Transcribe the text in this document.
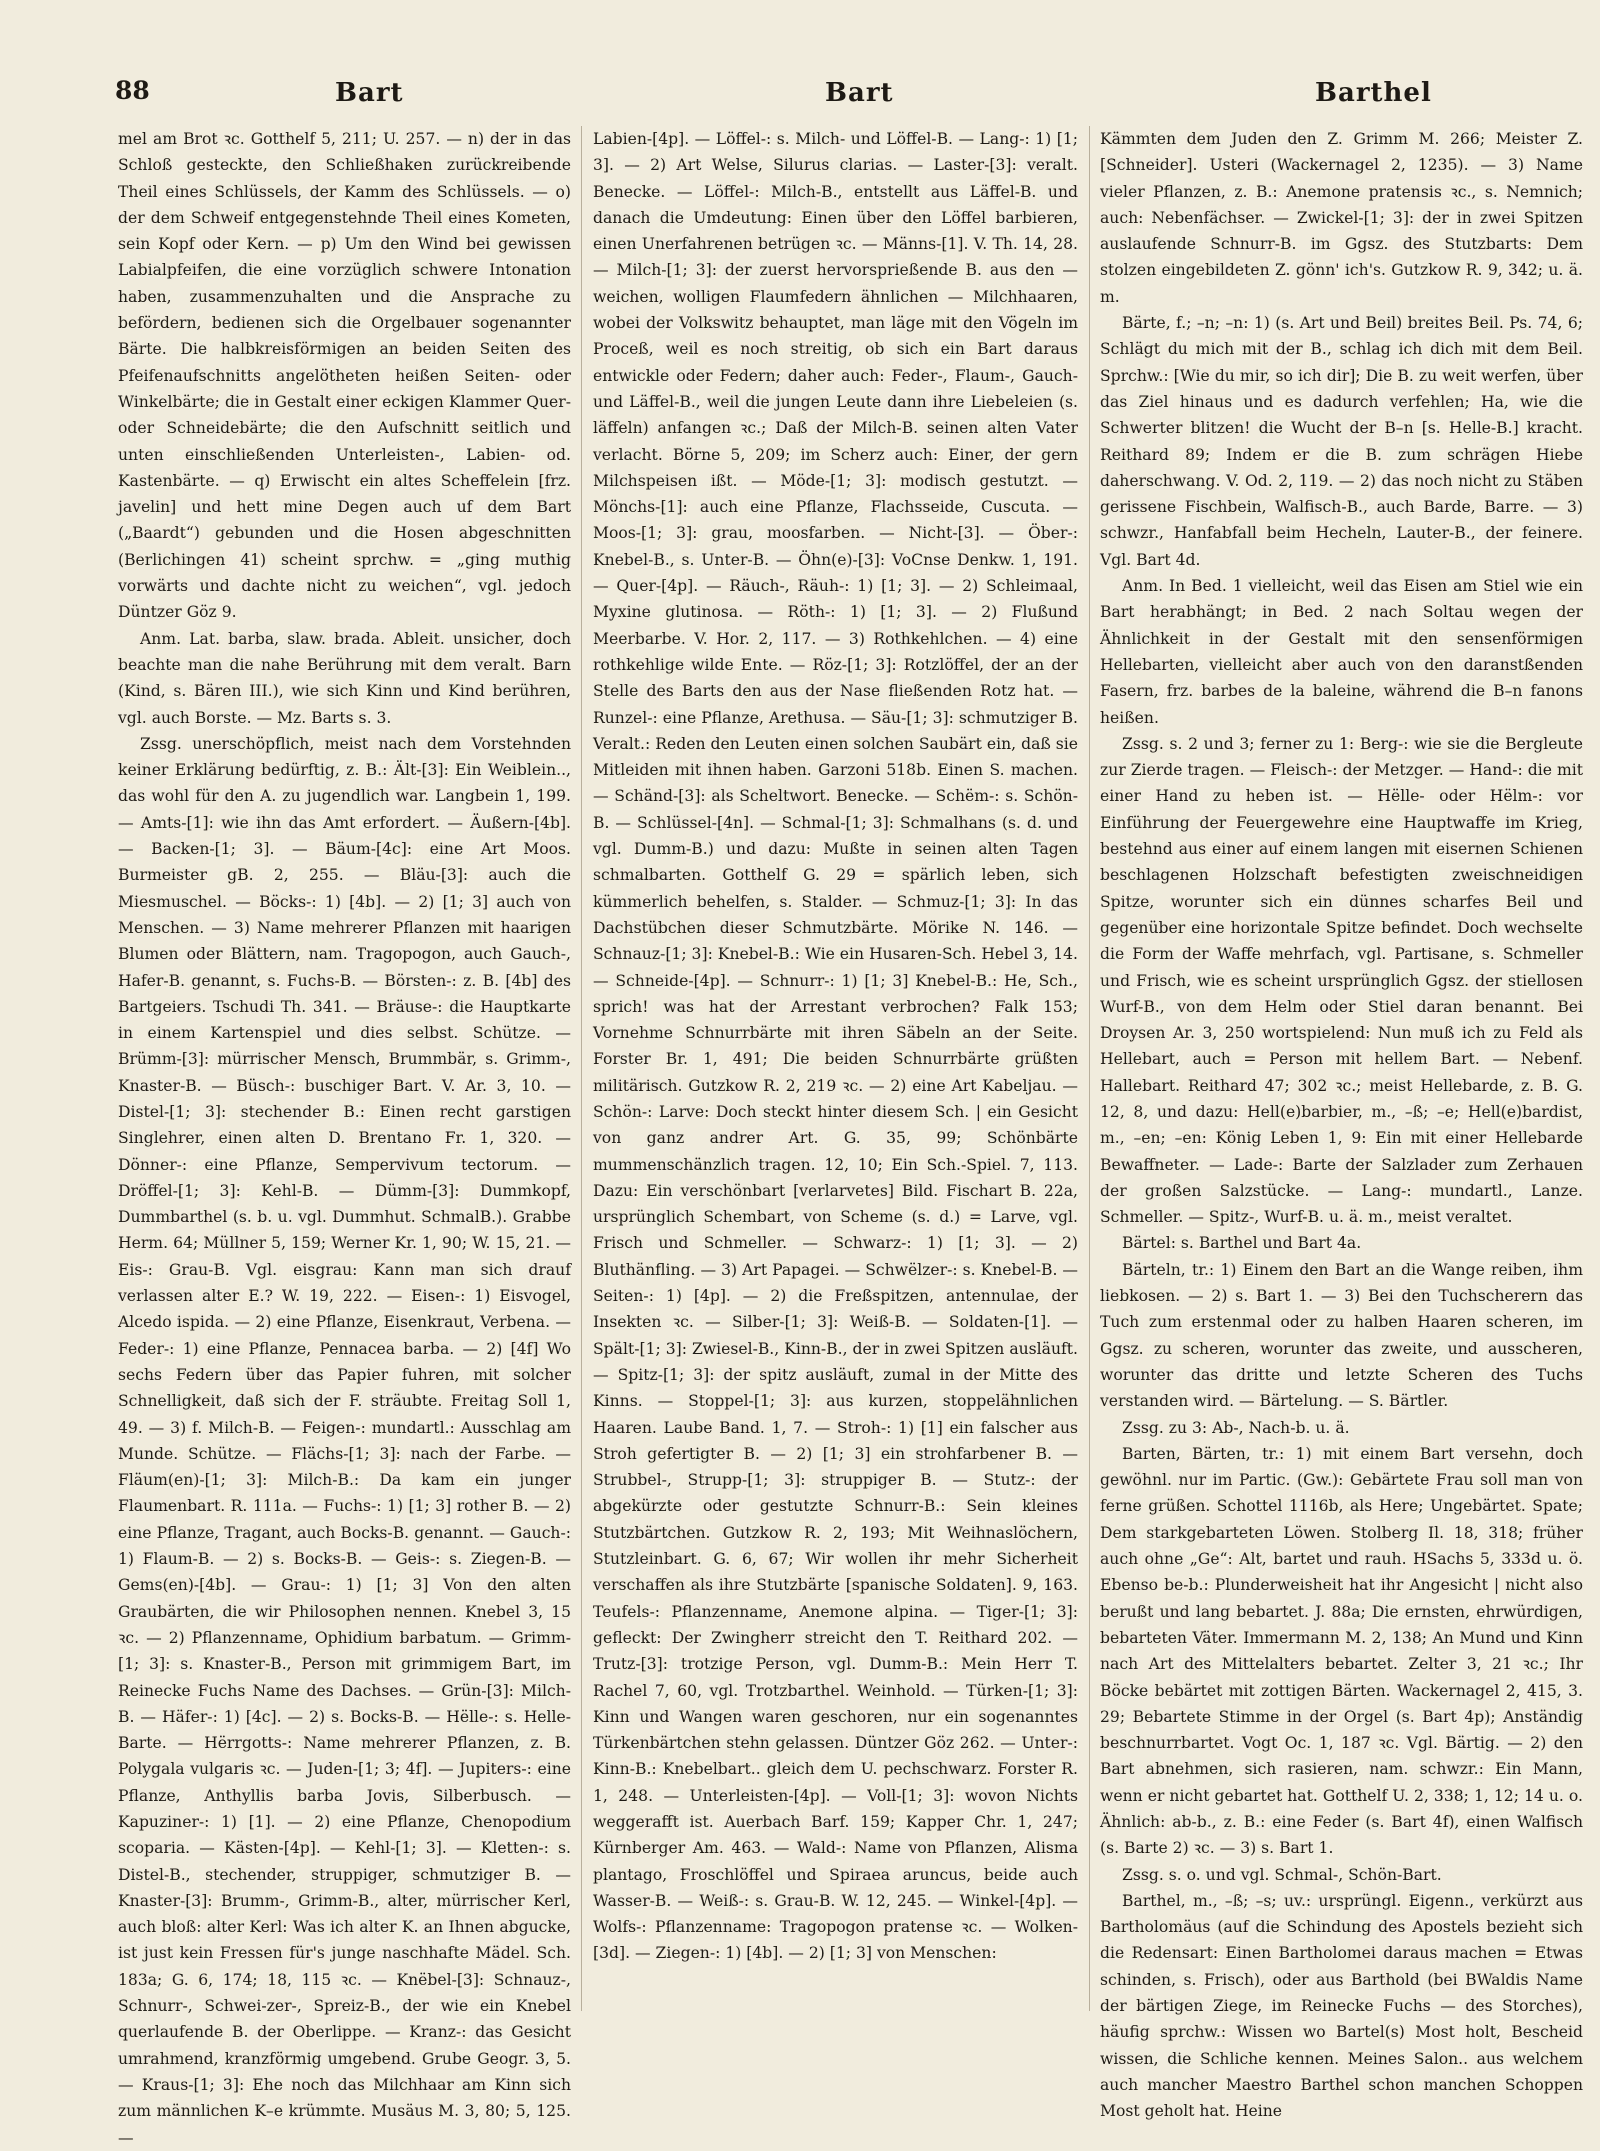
88	Bart	Bart	Barthel

mel am Brot ꝛc. Gotthelf 5, 211; U. 257. — n) der in das Schloß gesteckte, den Schließhaken zurückreibende Theil eines Schlüssels, der Kamm des Schlüssels. — o) der dem Schweif entgegenstehnde Theil eines Kometen, sein Kopf oder Kern. — p) Um den Wind bei gewissen Labialpfeifen, die eine vorzüglich schwere Intonation haben, zusammenzuhalten und die Ansprache zu befördern, bedienen sich die Orgelbauer sogenannter Bärte. Die halbkreisförmigen an beiden Seiten des Pfeifenaufschnitts angelötheten heißen Seiten- oder Winkelbärte; die in Gestalt einer eckigen Klammer Quer- oder Schneidebärte; die den Aufschnitt seitlich und unten einschließenden Unterleisten-, Labien- od. Kastenbärte. — q) Erwischt ein altes Scheffelein [frz. javelin] und hett mine Degen auch uf dem Bart („Baardt“) gebunden und die Hosen abgeschnitten (Berlichingen 41) scheint sprchw. = „ging muthig vorwärts und dachte nicht zu weichen“, vgl. jedoch Düntzer Göz 9.

Anm. Lat. barba, slaw. brada. Ableit. unsicher, doch beachte man die nahe Berührung mit dem veralt. Barn (Kind, s. Bären III.), wie sich Kinn und Kind berühren, vgl. auch Borste. — Mz. Barts s. 3.

Zssg. unerschöpflich, meist nach dem Vorstehnden keiner Erklärung bedürftig, z. B.: Ält-[3]: Ein Weiblein.., das wohl für den A. zu jugendlich war. Langbein 1, 199. — Amts-[1]: wie ihn das Amt erfordert. — Äußern-[4b]. — Backen-[1; 3]. — Bäum-[4c]: eine Art Moos. Burmeister gB. 2, 255. — Bläu-[3]: auch die Miesmuschel. — Böcks-: 1) [4b]. — 2) [1; 3] auch von Menschen. — 3) Name mehrerer Pflanzen mit haarigen Blumen oder Blättern, nam. Tragopogon, auch Gauch-, Hafer-B. genannt, s. Fuchs-B. — Börsten-: z. B. [4b] des Bartgeiers. Tschudi Th. 341. — Bräuse-: die Hauptkarte in einem Kartenspiel und dies selbst. Schütze. — Brümm-[3]: mürrischer Mensch, Brummbär, s. Grimm-, Knaster-B. — Büsch-: buschiger Bart. V. Ar. 3, 10. — Distel-[1; 3]: stechender B.: Einen recht garstigen Singlehrer, einen alten D. Brentano Fr. 1, 320. — Dönner-: eine Pflanze, Sempervivum tectorum. — Dröffel-[1; 3]: Kehl-B. — Dümm-[3]: Dummkopf, Dummbarthel (s. b. u. vgl. Dummhut. SchmalB.). Grabbe Herm. 64; Müllner 5, 159; Werner Kr. 1, 90; W. 15, 21. — Eis-: Grau-B. Vgl. eisgrau: Kann man sich drauf verlassen alter E.? W. 19, 222. — Eisen-: 1) Eisvogel, Alcedo ispida. — 2) eine Pflanze, Eisenkraut, Verbena. — Feder-: 1) eine Pflanze, Pennacea barba. — 2) [4f] Wo sechs Federn über das Papier fuhren, mit solcher Schnelligkeit, daß sich der F. sträubte. Freitag Soll 1, 49. — 3) f. Milch-B. — Feigen-: mundartl.: Ausschlag am Munde. Schütze. — Flächs-[1; 3]: nach der Farbe. — Fläum(en)-[1; 3]: Milch-B.: Da kam ein junger Flaumenbart. R. 111a. — Fuchs-: 1) [1; 3] rother B. — 2) eine Pflanze, Tragant, auch Bocks-B. genannt. — Gauch-: 1) Flaum-B. — 2) s. Bocks-B. — Geis-: s. Ziegen-B. — Gems(en)-[4b]. — Grau-: 1) [1; 3] Von den alten Graubärten, die wir Philosophen nennen. Knebel 3, 15 ꝛc. — 2) Pflanzenname, Ophidium barbatum. — Grimm-[1; 3]: s. Knaster-B., Person mit grimmigem Bart, im Reinecke Fuchs Name des Dachses. — Grün-[3]: Milch-B. — Häfer-: 1) [4c]. — 2) s. Bocks-B. — Hëlle-: s. Helle-Barte. — Hërrgotts-: Name mehrerer Pflanzen, z. B. Polygala vulgaris ꝛc. — Juden-[1; 3; 4f]. — Jupiters-: eine Pflanze, Anthyllis barba Jovis, Silberbusch. — Kapuziner-: 1) [1]. — 2) eine Pflanze, Chenopodium scoparia. — Kästen-[4p]. — Kehl-[1; 3]. — Kletten-: s. Distel-B., stechender, struppiger, schmutziger B. — Knaster-[3]: Brumm-, Grimm-B., alter, mürrischer Kerl, auch bloß: alter Kerl: Was ich alter K. an Ihnen abgucke, ist just kein Fressen für's junge naschhafte Mädel. Sch. 183a; G. 6, 174; 18, 115 ꝛc. — Knëbel-[3]: Schnauz-, Schnurr-, Schwei-zer-, Spreiz-B., der wie ein Knebel querlaufende B. der Oberlippe. — Kranz-: das Gesicht umrahmend, kranzförmig umgebend. Grube Geogr. 3, 5. — Kraus-[1; 3]: Ehe noch das Milchhaar am Kinn sich zum männlichen K–e krümmte. Musäus M. 3, 80; 5, 125. —

Labien-[4p]. — Löffel-: s. Milch- und Löffel-B. — Lang-: 1) [1; 3]. — 2) Art Welse, Silurus clarias. — Laster-[3]: veralt. Benecke. — Löffel-: Milch-B., entstellt aus Läffel-B. und danach die Umdeutung: Einen über den Löffel barbieren, einen Unerfahrenen betrügen ꝛc. — Männs-[1]. V. Th. 14, 28. — Milch-[1; 3]: der zuerst hervorsprießende B. aus den — weichen, wolligen Flaumfedern ähnlichen — Milchhaaren, wobei der Volkswitz behauptet, man läge mit den Vögeln im Proceß, weil es noch streitig, ob sich ein Bart daraus entwickle oder Federn; daher auch: Feder-, Flaum-, Gauch- und Läffel-B., weil die jungen Leute dann ihre Liebeleien (s. läffeln) anfangen ꝛc.; Daß der Milch-B. seinen alten Vater verlacht. Börne 5, 209; im Scherz auch: Einer, der gern Milchspeisen ißt. — Möde-[1; 3]: modisch gestutzt. — Mönchs-[1]: auch eine Pflanze, Flachsseide, Cuscuta. — Moos-[1; 3]: grau, moosfarben. — Nicht-[3]. — Öber-: Knebel-B., s. Unter-B. — Öhn(e)-[3]: VoCnse Denkw. 1, 191. — Quer-[4p]. — Räuch-, Räuh-: 1) [1; 3]. — 2) Schleimaal, Myxine glutinosa. — Röth-: 1) [1; 3]. — 2) Flußund Meerbarbe. V. Hor. 2, 117. — 3) Rothkehlchen. — 4) eine rothkehlige wilde Ente. — Röz-[1; 3]: Rotzlöffel, der an der Stelle des Barts den aus der Nase fließenden Rotz hat. — Runzel-: eine Pflanze, Arethusa. — Säu-[1; 3]: schmutziger B. Veralt.: Reden den Leuten einen solchen Saubärt ein, daß sie Mitleiden mit ihnen haben. Garzoni 518b. Einen S. machen. — Schänd-[3]: als Scheltwort. Benecke. — Schëm-: s. Schön-B. — Schlüssel-[4n]. — Schmal-[1; 3]: Schmalhans (s. d. und vgl. Dumm-B.) und dazu: Mußte in seinen alten Tagen schmalbarten. Gotthelf G. 29 = spärlich leben, sich kümmerlich behelfen, s. Stalder. — Schmuz-[1; 3]: In das Dachstübchen dieser Schmutzbärte. Mörike N. 146. — Schnauz-[1; 3]: Knebel-B.: Wie ein Husaren-Sch. Hebel 3, 14. — Schneide-[4p]. — Schnurr-: 1) [1; 3] Knebel-B.: He, Sch., sprich! was hat der Arrestant verbrochen? Falk 153; Vornehme Schnurrbärte mit ihren Säbeln an der Seite. Forster Br. 1, 491; Die beiden Schnurrbärte grüßten militärisch. Gutzkow R. 2, 219 ꝛc. — 2) eine Art Kabeljau. — Schön-: Larve: Doch steckt hinter diesem Sch. | ein Gesicht von ganz andrer Art. G. 35, 99; Schönbärte mummenschänzlich tragen. 12, 10; Ein Sch.-Spiel. 7, 113. Dazu: Ein verschönbart [verlarvetes] Bild. Fischart B. 22a, ursprünglich Schembart, von Scheme (s. d.) = Larve, vgl. Frisch und Schmeller. — Schwarz-: 1) [1; 3]. — 2) Bluthänfling. — 3) Art Papagei. — Schwëlzer-: s. Knebel-B. — Seiten-: 1) [4p]. — 2) die Freßspitzen, antennulae, der Insekten ꝛc. — Silber-[1; 3]: Weiß-B. — Soldaten-[1]. — Spält-[1; 3]: Zwiesel-B., Kinn-B., der in zwei Spitzen ausläuft. — Spitz-[1; 3]: der spitz ausläuft, zumal in der Mitte des Kinns. — Stoppel-[1; 3]: aus kurzen, stoppelähnlichen Haaren. Laube Band. 1, 7. — Stroh-: 1) [1] ein falscher aus Stroh gefertigter B. — 2) [1; 3] ein strohfarbener B. — Strubbel-, Strupp-[1; 3]: struppiger B. — Stutz-: der abgekürzte oder gestutzte Schnurr-B.: Sein kleines Stutzbärtchen. Gutzkow R. 2, 193; Mit Weihnaslöchern, Stutzleinbart. G. 6, 67; Wir wollen ihr mehr Sicherheit verschaffen als ihre Stutzbärte [spanische Soldaten]. 9, 163. Teufels-: Pflanzenname, Anemone alpina. — Tiger-[1; 3]: gefleckt: Der Zwingherr streicht den T. Reithard 202. — Trutz-[3]: trotzige Person, vgl. Dumm-B.: Mein Herr T. Rachel 7, 60, vgl. Trotzbarthel. Weinhold. — Türken-[1; 3]: Kinn und Wangen waren geschoren, nur ein sogenanntes Türkenbärtchen stehn gelassen. Düntzer Göz 262. — Unter-: Kinn-B.: Knebelbart.. gleich dem U. pechschwarz. Forster R. 1, 248. — Unterleisten-[4p]. — Voll-[1; 3]: wovon Nichts weggerafft ist. Auerbach Barf. 159; Kapper Chr. 1, 247; Kürnberger Am. 463. — Wald-: Name von Pflanzen, Alisma plantago, Froschlöffel und Spiraea aruncus, beide auch Wasser-B. — Weiß-: s. Grau-B. W. 12, 245. — Winkel-[4p]. — Wolfs-: Pflanzenname: Tragopogon pratense ꝛc. — Wolken-[3d]. — Ziegen-: 1) [4b]. — 2) [1; 3] von Menschen:

Kämmten dem Juden den Z. Grimm M. 266; Meister Z. [Schneider]. Usteri (Wackernagel 2, 1235). — 3) Name vieler Pflanzen, z. B.: Anemone pratensis ꝛc., s. Nemnich; auch: Nebenfächser. — Zwickel-[1; 3]: der in zwei Spitzen auslaufende Schnurr-B. im Ggsz. des Stutzbarts: Dem stolzen eingebildeten Z. gönn' ich's. Gutzkow R. 9, 342; u. ä. m.

Bärte, f.; –n; –n: 1) (s. Art und Beil) breites Beil. Ps. 74, 6; Schlägt du mich mit der B., schlag ich dich mit dem Beil. Sprchw.: [Wie du mir, so ich dir]; Die B. zu weit werfen, über das Ziel hinaus und es dadurch verfehlen; Ha, wie die Schwerter blitzen! die Wucht der B–n [s. Helle-B.] kracht. Reithard 89; Indem er die B. zum schrägen Hiebe daherschwang. V. Od. 2, 119. — 2) das noch nicht zu Stäben gerissene Fischbein, Walfisch-B., auch Barde, Barre. — 3) schwzr., Hanfabfall beim Hecheln, Lauter-B., der feinere. Vgl. Bart 4d.

Anm. In Bed. 1 vielleicht, weil das Eisen am Stiel wie ein Bart herabhängt; in Bed. 2 nach Soltau wegen der Ähnlichkeit in der Gestalt mit den sensenförmigen Hellebarten, vielleicht aber auch von den daranstßenden Fasern, frz. barbes de la baleine, während die B–n fanons heißen.

Zssg. s. 2 und 3; ferner zu 1: Berg-: wie sie die Bergleute zur Zierde tragen. — Fleisch-: der Metzger. — Hand-: die mit einer Hand zu heben ist. — Hëlle- oder Hëlm-: vor Einführung der Feuergewehre eine Hauptwaffe im Krieg, bestehnd aus einer auf einem langen mit eisernen Schienen beschlagenen Holzschaft befestigten zweischneidigen Spitze, worunter sich ein dünnes scharfes Beil und gegenüber eine horizontale Spitze befindet. Doch wechselte die Form der Waffe mehrfach, vgl. Partisane, s. Schmeller und Frisch, wie es scheint ursprünglich Ggsz. der stiellosen Wurf-B., von dem Helm oder Stiel daran benannt. Bei Droysen Ar. 3, 250 wortspielend: Nun muß ich zu Feld als Hellebart, auch = Person mit hellem Bart. — Nebenf. Hallebart. Reithard 47; 302 ꝛc.; meist Hellebarde, z. B. G. 12, 8, und dazu: Hell(e)barbier, m., –ß; –e; Hell(e)bardist, m., –en; –en: König Leben 1, 9: Ein mit einer Hellebarde Bewaffneter. — Lade-: Barte der Salzlader zum Zerhauen der großen Salzstücke. — Lang-: mundartl., Lanze. Schmeller. — Spitz-, Wurf-B. u. ä. m., meist veraltet.

Bärtel: s. Barthel und Bart 4a.

Bärteln, tr.: 1) Einem den Bart an die Wange reiben, ihm liebkosen. — 2) s. Bart 1. — 3) Bei den Tuchscherern das Tuch zum erstenmal oder zu halben Haaren scheren, im Ggsz. zu scheren, worunter das zweite, und ausscheren, worunter das dritte und letzte Scheren des Tuchs verstanden wird. — Bärtelung. — S. Bärtler.

Zssg. zu 3: Ab-, Nach-b. u. ä.

Barten, Bärten, tr.: 1) mit einem Bart versehn, doch gewöhnl. nur im Partic. (Gw.): Gebärtete Frau soll man von ferne grüßen. Schottel 1116b, als Here; Ungebärtet. Spate; Dem starkgebarteten Löwen. Stolberg Il. 18, 318; früher auch ohne „Ge“: Alt, bartet und rauh. HSachs 5, 333d u. ö. Ebenso be-b.: Plunderweisheit hat ihr Angesicht | nicht also berußt und lang bebartet. J. 88a; Die ernsten, ehrwürdigen, bebarteten Väter. Immermann M. 2, 138; An Mund und Kinn nach Art des Mittelalters bebartet. Zelter 3, 21 ꝛc.; Ihr Böcke bebärtet mit zottigen Bärten. Wackernagel 2, 415, 3. 29; Bebartete Stimme in der Orgel (s. Bart 4p); Anständig beschnurrbartet. Vogt Oc. 1, 187 ꝛc. Vgl. Bärtig. — 2) den Bart abnehmen, sich rasieren, nam. schwzr.: Ein Mann, wenn er nicht gebartet hat. Gotthelf U. 2, 338; 1, 12; 14 u. o. Ähnlich: ab-b., z. B.: eine Feder (s. Bart 4f), einen Walfisch (s. Barte 2) ꝛc. — 3) s. Bart 1.

Zssg. s. o. und vgl. Schmal-, Schön-Bart.

Barthel, m., –ß; –s; uv.: ursprüngl. Eigenn., verkürzt aus Bartholomäus (auf die Schindung des Apostels bezieht sich die Redensart: Einen Bartholomei daraus machen = Etwas schinden, s. Frisch), oder aus Barthold (bei BWaldis Name der bärtigen Ziege, im Reinecke Fuchs — des Storches), häufig sprchw.: Wissen wo Bartel(s) Most holt, Bescheid wissen, die Schliche kennen. Meines Salon.. aus welchem auch mancher Maestro Barthel schon manchen Schoppen Most geholt hat. Heine
